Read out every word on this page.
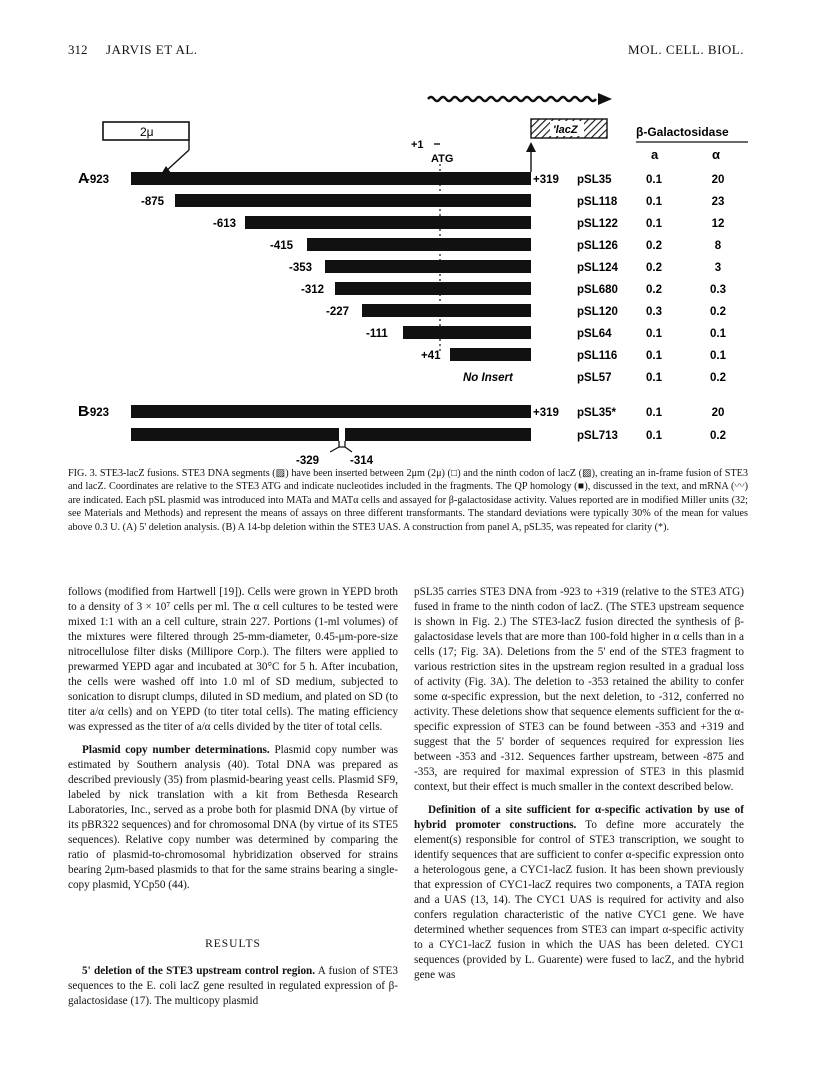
312 JARVIS ET AL.	MOL. CELL. BIOL.
2μ
+1
ATG
'lacZ	β-Galactosidase
a	α
A
B
-923	+319 pSL35	0.1	20
-875	pSL118 0.1	23
-613	pSL122 0.1	12
-415	pSL126 0.2	8
-353	pSL124 0.2	3
-312	pSL680 0.2	0.3
-227	pSL120 0.3	0.2
-111	pSL64	0.1	0.1
+41	pSL116 0.1	0.1
No Insert	pSL57	0.1	0.2
-923	+319 pSL35*	0.1	20
-329	-314
pSL713 0.1	0.2
FIG. 3. STE3-lacZ fusions. STE3 DNA segments (▨) have been inserted between 2μm (2μ) (□) and the ninth codon of lacZ (▨), creating an in-frame fusion of STE3 and lacZ. Coordinates are relative to the STE3 ATG and indicate nucleotides included in the fragments. The QP homology (■), discussed in the text, and mRNA (〰) are indicated. Each pSL plasmid was introduced into MATa and MATα cells and assayed for β-galactosidase activity. Values reported are in modified Miller units (32; see Materials and Methods) and represent the means of assays on three different transformants. The standard deviations were typically 30% of the mean for values above 0.3 U. (A) 5' deletion analysis. (B) A 14-bp deletion within the STE3 UAS. A construction from panel A, pSL35, was repeated for clarity (*).

follows (modified from Hartwell [19]). Cells were grown in YEPD broth to a density of 3 × 10⁷ cells per ml. The α cell cultures to be tested were mixed 1:1 with an a cell culture, strain 227. Portions (1-ml volumes) of the mixtures were filtered through 25-mm-diameter, 0.45-μm-pore-size nitrocellulose filter disks (Millipore Corp.). The filters were applied to prewarmed YEPD agar and incubated at 30°C for 5 h. After incubation, the cells were washed off into 1.0 ml of SD medium, subjected to sonication to disrupt clumps, diluted in SD medium, and plated on SD (to titer a/α cells) and on YEPD (to titer total cells). The mating efficiency was expressed as the titer of a/α cells divided by the titer of total cells.

Plasmid copy number determinations. Plasmid copy number was estimated by Southern analysis (40). Total DNA was prepared as described previously (35) from plasmid-bearing yeast cells. Plasmid SF9, labeled by nick translation with a kit from Bethesda Research Laboratories, Inc., served as a probe both for plasmid DNA (by virtue of its pBR322 sequences) and for chromosomal DNA (by virtue of its STE5 sequences). Relative copy number was determined by comparing the ratio of plasmid-to-chromosomal hybridization observed for strains bearing 2μm-based plasmids to that for the same strains bearing a single-copy plasmid, YCp50 (44).

RESULTS

5' deletion of the STE3 upstream control region. A fusion of STE3 sequences to the E. coli lacZ gene resulted in regulated expression of β-galactosidase (17). The multicopy plasmid

pSL35 carries STE3 DNA from -923 to +319 (relative to the STE3 ATG) fused in frame to the ninth codon of lacZ. (The STE3 upstream sequence is shown in Fig. 2.) The STE3-lacZ fusion directed the synthesis of β-galactosidase levels that are more than 100-fold higher in α cells than in a cells (17; Fig. 3A). Deletions from the 5' end of the STE3 fragment to various restriction sites in the upstream region resulted in a gradual loss of activity (Fig. 3A). The deletion to -353 retained the ability to confer some α-specific expression, but the next deletion, to -312, conferred no activity. These deletions show that sequence elements sufficient for the α-specific expression of STE3 can be found between -353 and +319 and suggest that the 5' border of sequences required for expression lies between -353 and -312. Sequences farther upstream, between -875 and -353, are required for maximal expression of STE3 in this plasmid context, but their effect is much smaller in the context described below.

Definition of a site sufficient for α-specific activation by use of hybrid promoter constructions. To define more accurately the element(s) responsible for control of STE3 transcription, we sought to identify sequences that are sufficient to confer α-specific expression onto a heterologous gene, a CYC1-lacZ fusion. It has been shown previously that expression of CYC1-lacZ requires two components, a TATA region and a UAS (13, 14). The CYC1 UAS is required for activity and also confers regulation characteristic of the native CYC1 gene. We have determined whether sequences from STE3 can impart α-specific activity to a CYC1-lacZ fusion in which the UAS has been deleted. CYC1 sequences (provided by L. Guarente) were fused to lacZ, and the hybrid gene was
